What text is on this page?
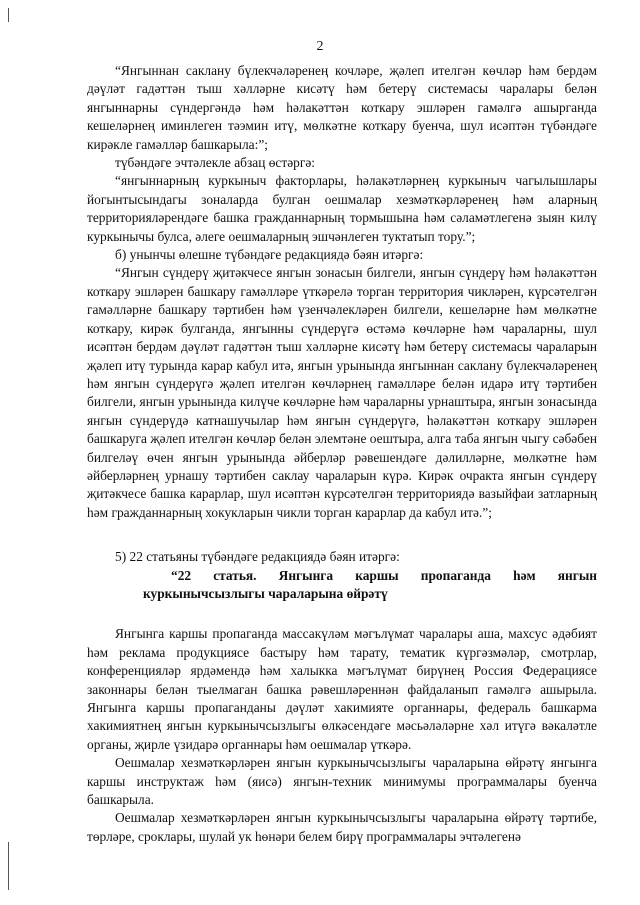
2

“Янгыннан саклану бүлекчәләренең кочләре, җәлеп ителгән көчләр һәм бердәм дәүләт гадәттән тыш хәлләрне кисәтү һәм бетерү системасы чаралары белән янгыннарны сүндергәндә һәм һәлакәттән коткару эшләрен гамәлгә ашырганда кешеләрнең иминлеген тәэмин итү, мөлкәтне коткару буенча, шул исәптән түбәндәге кирәкле гамәлләр башкарыла:”;

түбәндәге эчтәлекле абзац өстәргә:

“янгыннарның куркыныч факторлары, һәлакәтләрнең куркыныч чагылышлары йогынтысындагы зоналарда булган оешмалар хезмәткәрләренең һәм аларның территорияләрендәге башка гражданнарның тормышына һәм сәламәтлегенә зыян килү куркынычы булса, әлеге оешмаларның эшчәнлеген туктатып тору.”;

б) унынчы өлешне түбәндәге редакциядә бәян итәргә:

“Янгын сүндерү җитәкчесе янгын зонасын билгели, янгын сүндерү һәм һәлакәттән коткару эшләрен башкару гамәлләре үткәрелә торган территория чикләрен, күрсәтелгән гамәлләрне башкару тәртибен һәм үзенчәлекләрен билгели, кешеләрне һәм мөлкәтне коткару, кирәк булганда, янгынны сүндерүгә өстәмә көчләрне һәм чараларны, шул исәптән бердәм дәүләт гадәттән тыш хәлләрне кисәтү һәм бетерү системасы чараларын җәлеп итү турында карар кабул итә, янгын урынында янгыннан саклану бүлекчәләренең һәм янгын сүндерүгә җәлеп ителгән көчләрнең гамәлләре белән идарә итү тәртибен билгели, янгын урынында килүче көчләрне һәм чараларны урнаштыра, янгын зонасында янгын сүндерүдә катнашучылар һәм янгын сүндерүгә, һәлакәттән коткару эшләрен башкаруга җәлеп ителгән көчләр белән элемтәне оештыра, алга таба янгын чыгу сәбәбен билгеләү өчен янгын урынында әйберләр рәвешендәге дәлилләрне, мөлкәтне һәм әйберләрнең урнашу тәртибен саклау чараларын күрә. Кирәк очракта янгын сүндерү җитәкчесе башка карарлар, шул исәптән күрсәтелгән территориядә вазыйфаи затларның һәм гражданнарның хокукларын чикли торган карарлар да кабул итә.”;

5) 22 статьяны түбәндәге редакциядә бәян итәргә:

“22 статья. Янгынга каршы пропаганда һәм янгын куркынычсызлыгы чараларына өйрәтү

Янгынга каршы пропаганда массакүләм мәгълүмат чаралары аша, махсус әдәбият һәм реклама продукциясе бастыру һәм тарату, тематик күргәзмәләр, смотрлар, конференцияләр ярдәмендә һәм халыкка мәгълүмат бирүнең Россия Федерациясе законнары белән тыелмаган башка рәвешләреннән файдаланып гамәлгә ашырыла. Янгынга каршы пропаганданы дәүләт хакимияте органнары, федераль башкарма хакимиятнең янгын куркынычсызлыгы өлкәсендәге мәсьәләләрне хәл итүгә вәкаләтле органы, җирле үзидарә органнары һәм оешмалар үткәрә.

Оешмалар хезмәткәрләрен янгын куркынычсызлыгы чараларына өйрәтү янгынга каршы инструктаж һәм (яисә) янгын-техник минимумы программалары буенча башкарыла.

Оешмалар хезмәткәрләрен янгын куркынычсызлыгы чараларына өйрәтү тәртибе, төрләре, сроклары, шулай ук һөнәри белем бирү программалары эчтәлегенә
